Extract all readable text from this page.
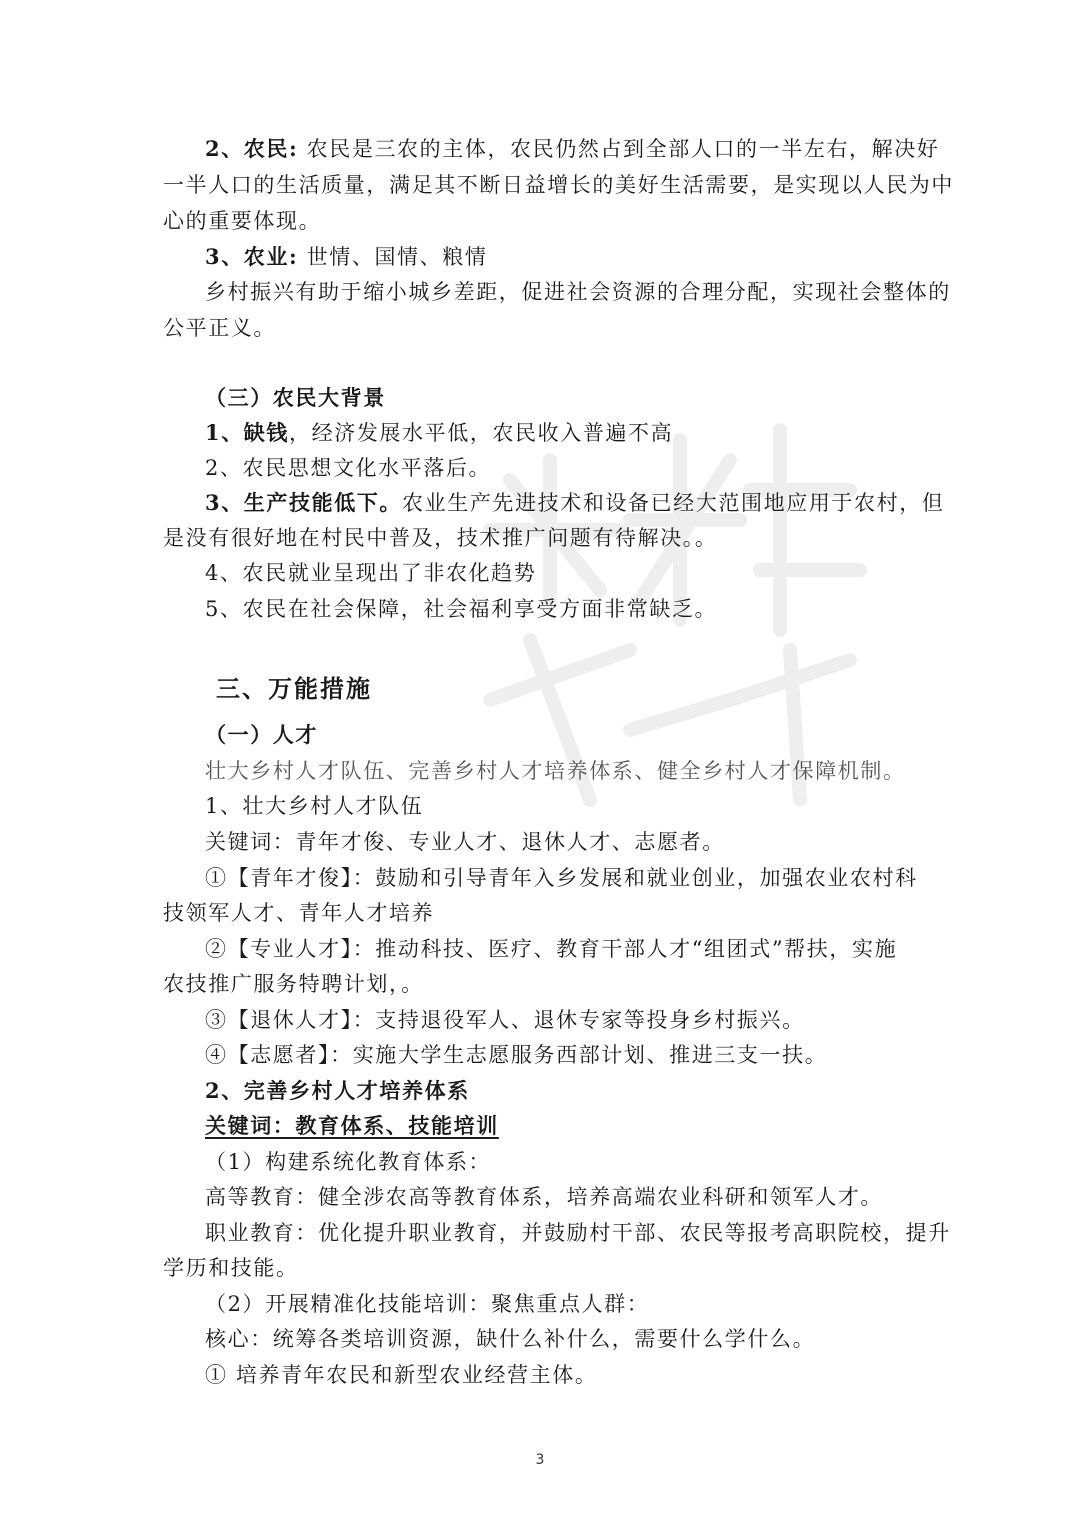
2、农民: 农民是三农的主体，农民仍然占到全部人口的一半左右，解决好
一半人口的生活质量，满足其不断日益增长的美好生活需要，是实现以人民为中
心的重要体现。
3、农业: 世情、国情、粮情
乡村振兴有助于缩小城乡差距，促进社会资源的合理分配，实现社会整体的
公平正义。
（三）农民大背景
1、缺钱，经济发展水平低，农民收入普遍不高
2、农民思想文化水平落后。
3、生产技能低下。农业生产先进技术和设备已经大范围地应用于农村，但
是没有很好地在村民中普及，技术推广问题有待解决。。
4、农民就业呈现出了非农化趋势
5、农民在社会保障，社会福利享受方面非常缺乏。
三、万能措施
（一）人才
壮大乡村人才队伍、完善乡村人才培养体系、健全乡村人才保障机制。
1、壮大乡村人才队伍
关键词：青年才俊、专业人才、退休人才、志愿者。
①【青年才俊】：鼓励和引导青年入乡发展和就业创业，加强农业农村科
技领军人才、青年人才培养
②【专业人才】：推动科技、医疗、教育干部人才“组团式”帮扶，实施
农技推广服务特聘计划，。
③【退休人才】：支持退役军人、退休专家等投身乡村振兴。
④【志愿者】：实施大学生志愿服务西部计划、推进三支一扶。
2、完善乡村人才培养体系
关键词：教育体系、技能培训
（1）构建系统化教育体系：
高等教育：健全涉农高等教育体系，培养高端农业科研和领军人才。
职业教育：优化提升职业教育，并鼓励村干部、农民等报考高职院校，提升
学历和技能。
（2）开展精准化技能培训：聚焦重点人群：
核心：统筹各类培训资源，缺什么补什么，需要什么学什么。
① 培养青年农民和新型农业经营主体。
3
